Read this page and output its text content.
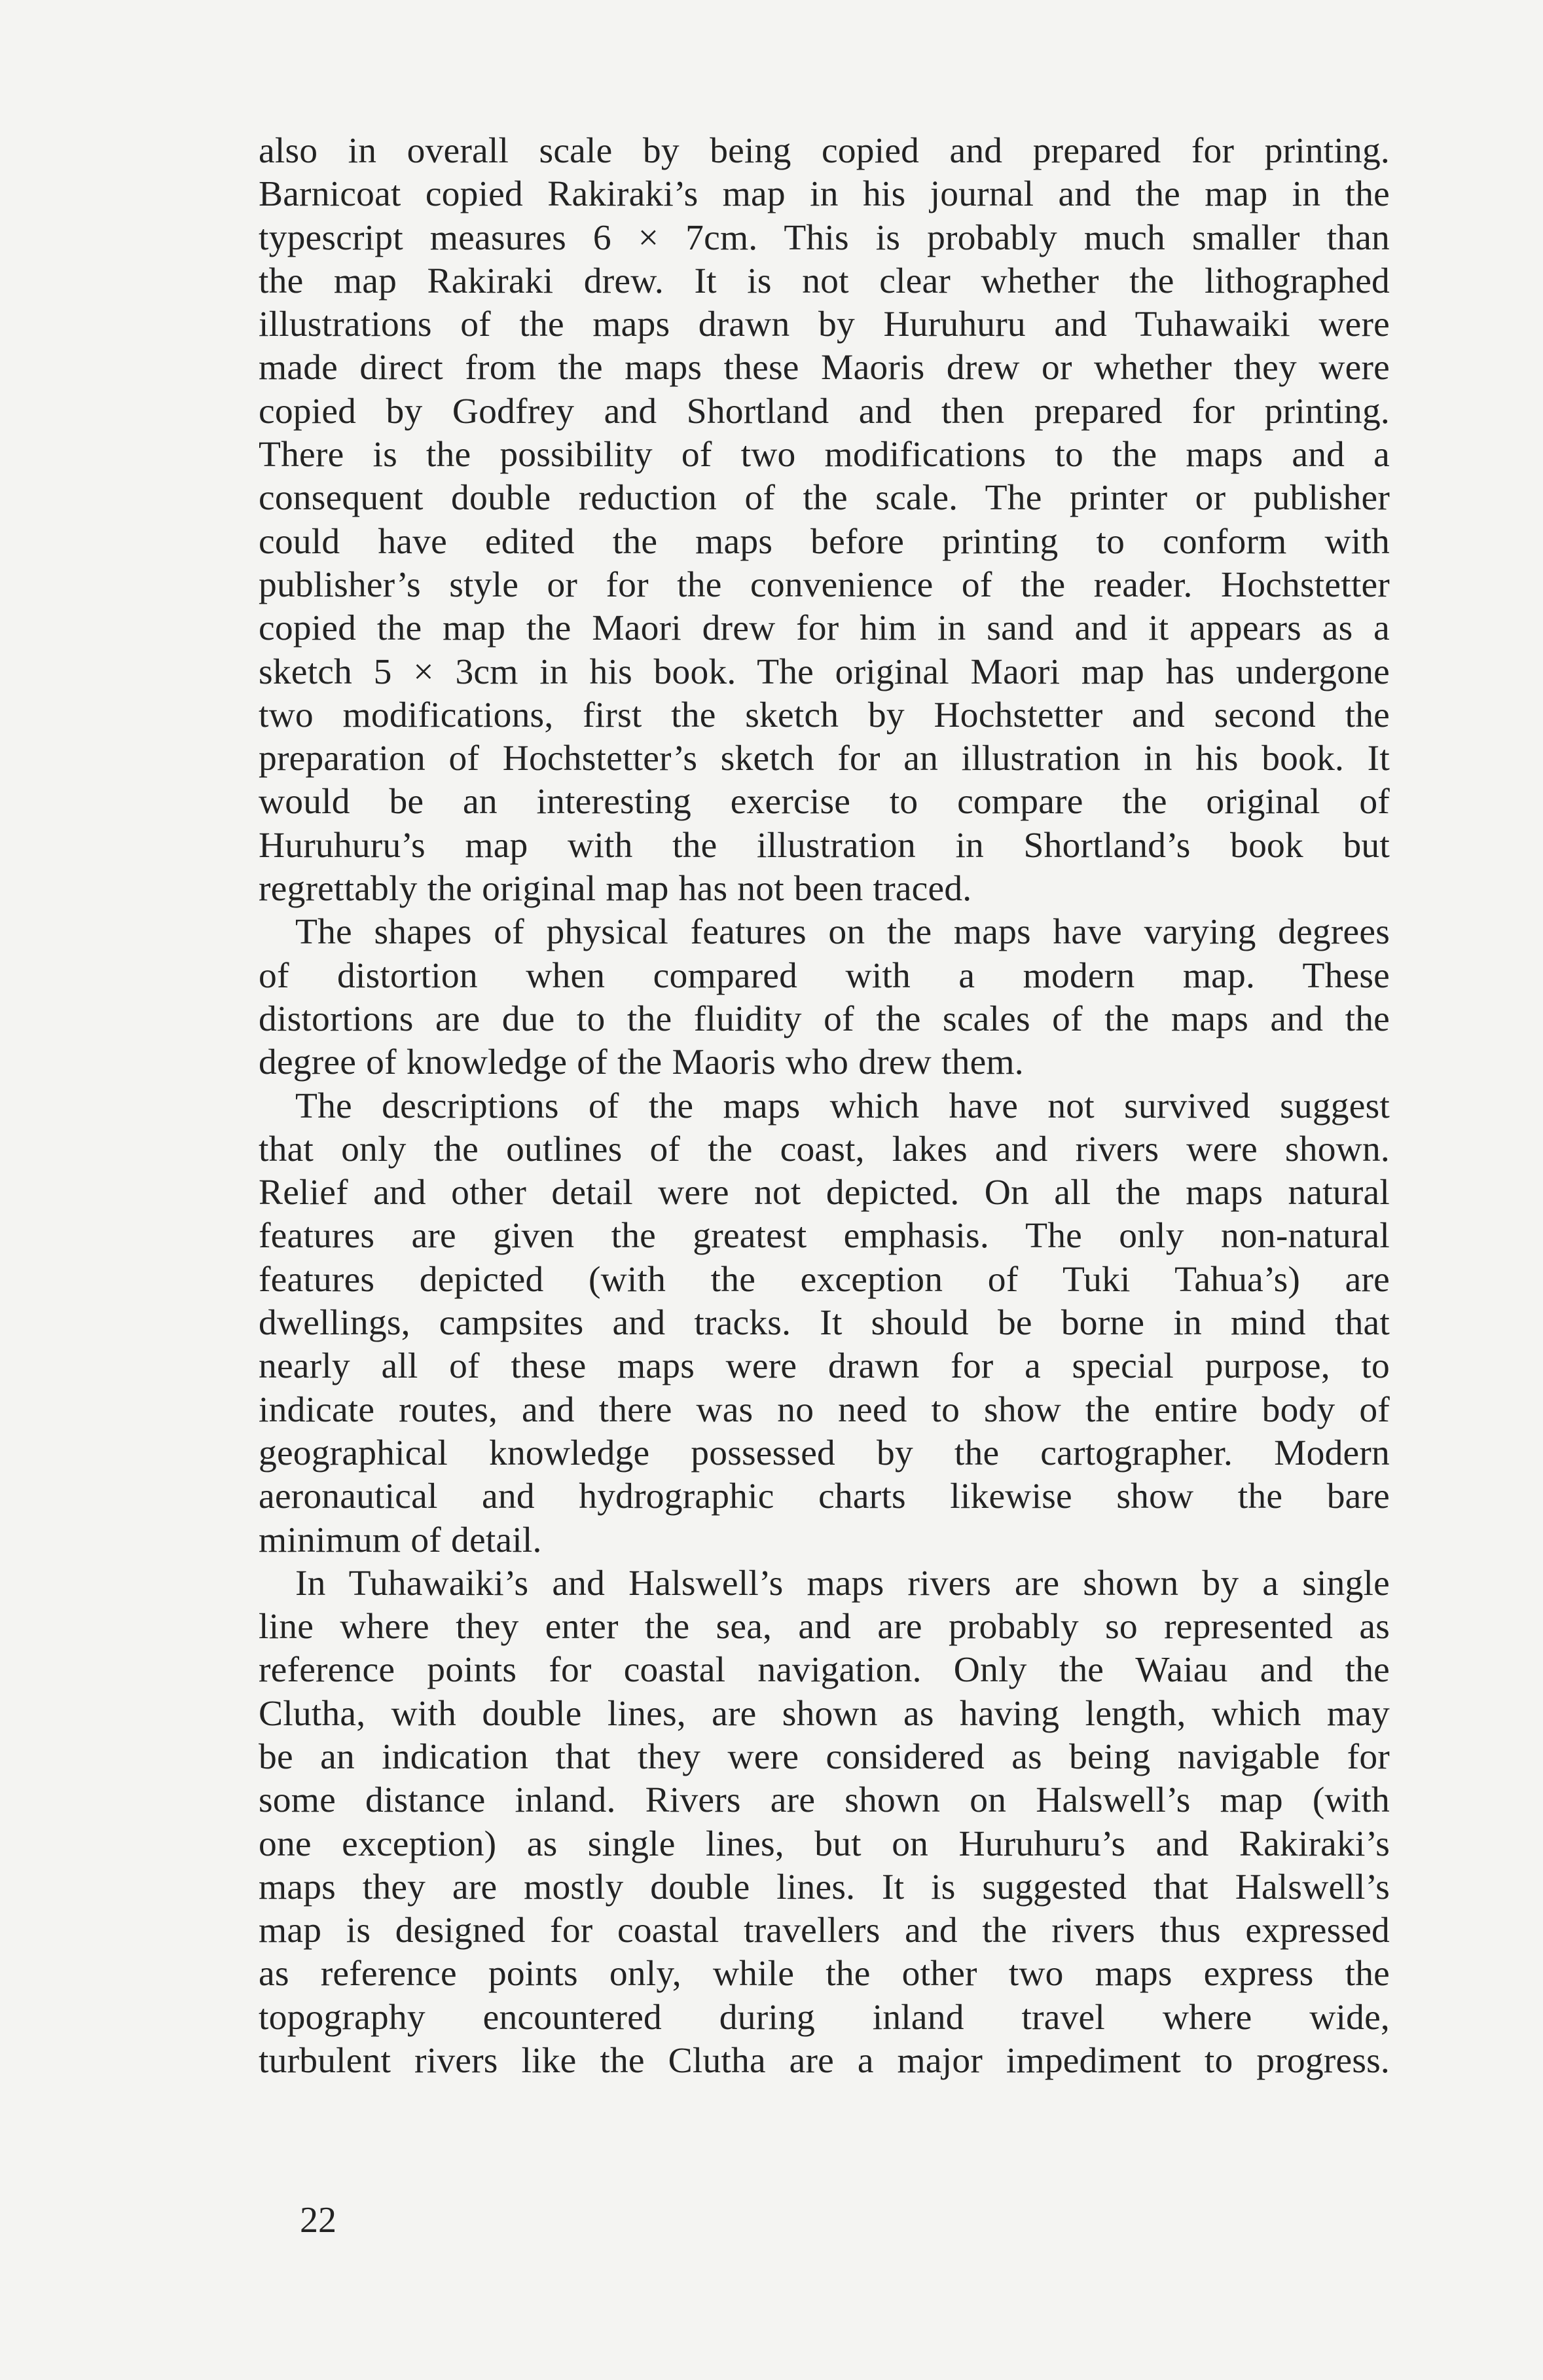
also in overall scale by being copied and prepared for printing.
Barnicoat copied Rakiraki’s map in his journal and the map in the
typescript measures 6 × 7cm. This is probably much smaller than
the map Rakiraki drew. It is not clear whether the lithographed
illustrations of the maps drawn by Huruhuru and Tuhawaiki were
made direct from the maps these Maoris drew or whether they were
copied by Godfrey and Shortland and then prepared for printing.
There is the possibility of two modifications to the maps and a
consequent double reduction of the scale. The printer or publisher
could have edited the maps before printing to conform with
publisher’s style or for the convenience of the reader. Hochstetter
copied the map the Maori drew for him in sand and it appears as a
sketch 5 × 3cm in his book. The original Maori map has undergone
two modifications, first the sketch by Hochstetter and second the
preparation of Hochstetter’s sketch for an illustration in his book. It
would be an interesting exercise to compare the original of
Huruhuru’s map with the illustration in Shortland’s book but
regrettably the original map has not been traced.
The shapes of physical features on the maps have varying degrees
of distortion when compared with a modern map. These
distortions are due to the fluidity of the scales of the maps and the
degree of knowledge of the Maoris who drew them.
The descriptions of the maps which have not survived suggest
that only the outlines of the coast, lakes and rivers were shown.
Relief and other detail were not depicted. On all the maps natural
features are given the greatest emphasis. The only non-natural
features depicted (with the exception of Tuki Tahua’s) are
dwellings, campsites and tracks. It should be borne in mind that
nearly all of these maps were drawn for a special purpose, to
indicate routes, and there was no need to show the entire body of
geographical knowledge possessed by the cartographer. Modern
aeronautical and hydrographic charts likewise show the bare
minimum of detail.
In Tuhawaiki’s and Halswell’s maps rivers are shown by a single
line where they enter the sea, and are probably so represented as
reference points for coastal navigation. Only the Waiau and the
Clutha, with double lines, are shown as having length, which may
be an indication that they were considered as being navigable for
some distance inland. Rivers are shown on Halswell’s map (with
one exception) as single lines, but on Huruhuru’s and Rakiraki’s
maps they are mostly double lines. It is suggested that Halswell’s
map is designed for coastal travellers and the rivers thus expressed
as reference points only, while the other two maps express the
topography encountered during inland travel where wide,
turbulent rivers like the Clutha are a major impediment to progress.
22
